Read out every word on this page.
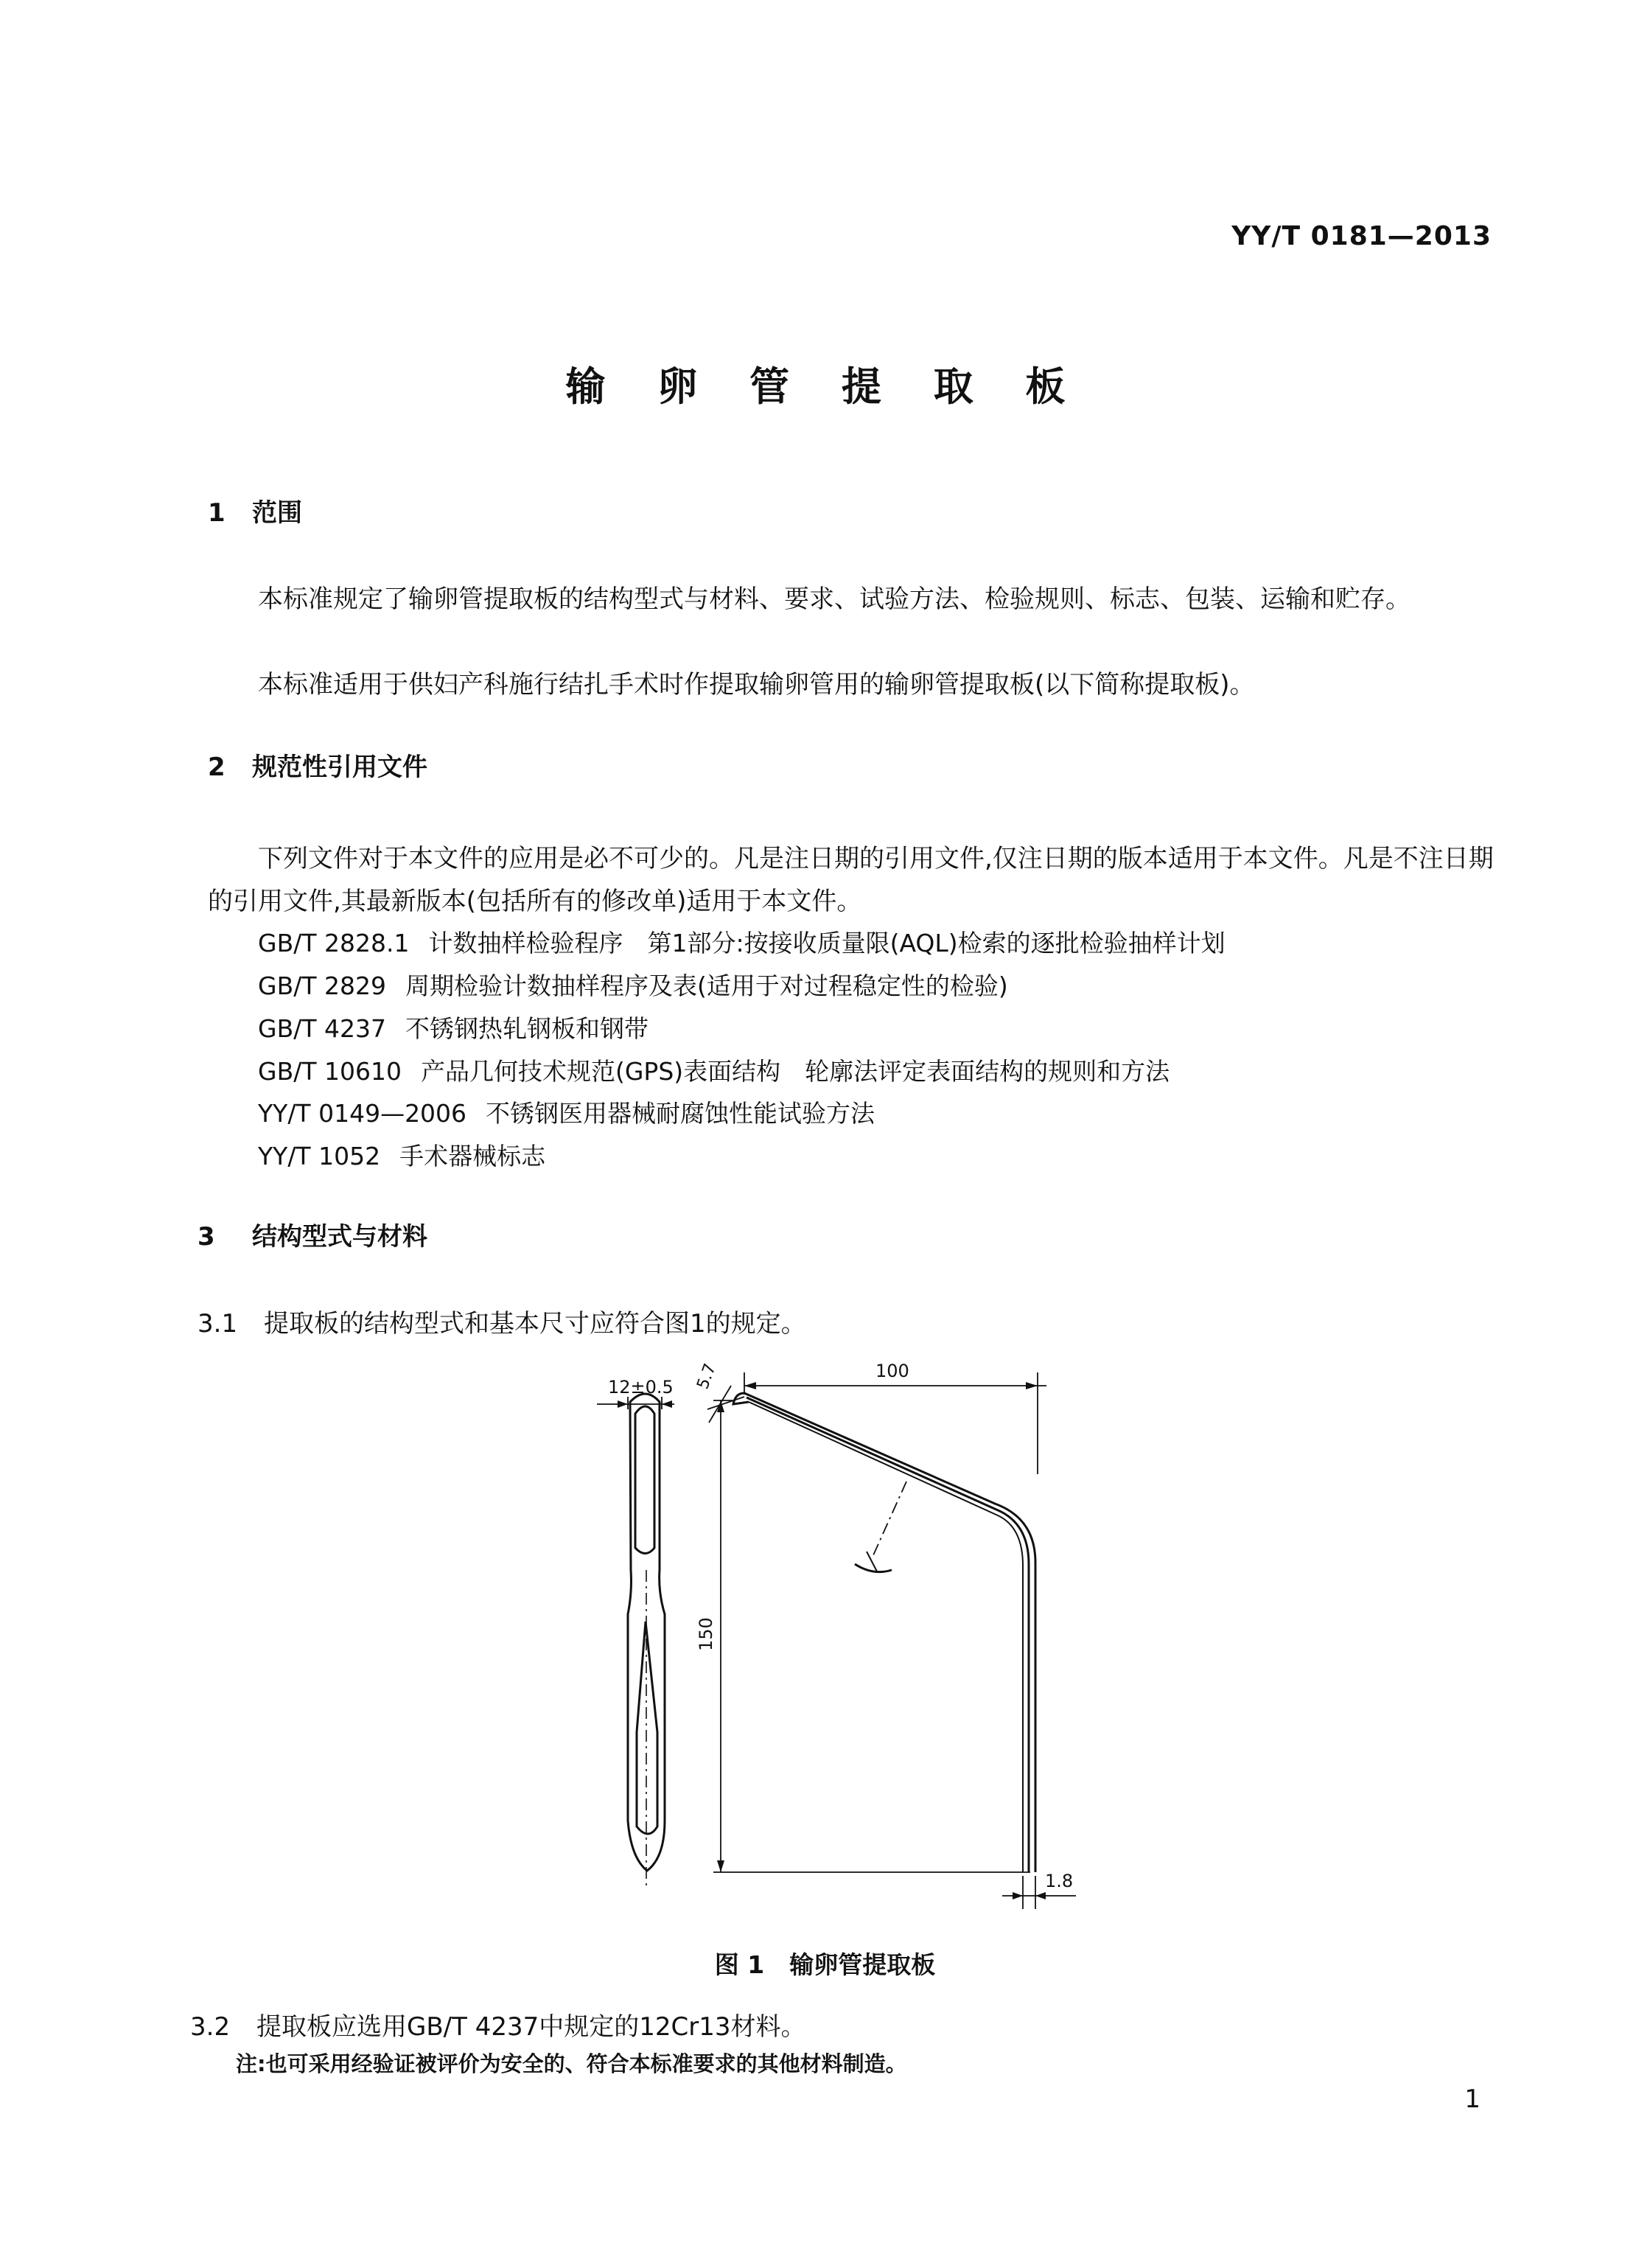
YY/T 0181—2013
输 卵 管 提 取 板
1 范围
本标准规定了输卵管提取板的结构型式与材料、要求、试验方法、检验规则、标志、包装、运输和贮存。
本标准适用于供妇产科施行结扎手术时作提取输卵管用的输卵管提取板(以下简称提取板)。
2 规范性引用文件
下列文件对于本文件的应用是必不可少的。凡是注日期的引用文件,仅注日期的版本适用于本文件。凡是不注日期的引用文件,其最新版本(包括所有的修改单)适用于本文件。
GB/T 2828.1 计数抽样检验程序　第1部分:按接收质量限(AQL)检索的逐批检验抽样计划
GB/T 2829 周期检验计数抽样程序及表(适用于对过程稳定性的检验)
GB/T 4237 不锈钢热轧钢板和钢带
GB/T 10610 产品几何技术规范(GPS)表面结构　轮廓法评定表面结构的规则和方法
YY/T 0149—2006 不锈钢医用器械耐腐蚀性能试验方法
YY/T 1052 手术器械标志
3 结构型式与材料
3.1 提取板的结构型式和基本尺寸应符合图1的规定。
12±0.5 5.7	100
150
1.8
图 1 输卵管提取板
3.2 提取板应选用GB/T 4237中规定的12Cr13材料。
注:也可采用经验证被评价为安全的、符合本标准要求的其他材料制造。
1
